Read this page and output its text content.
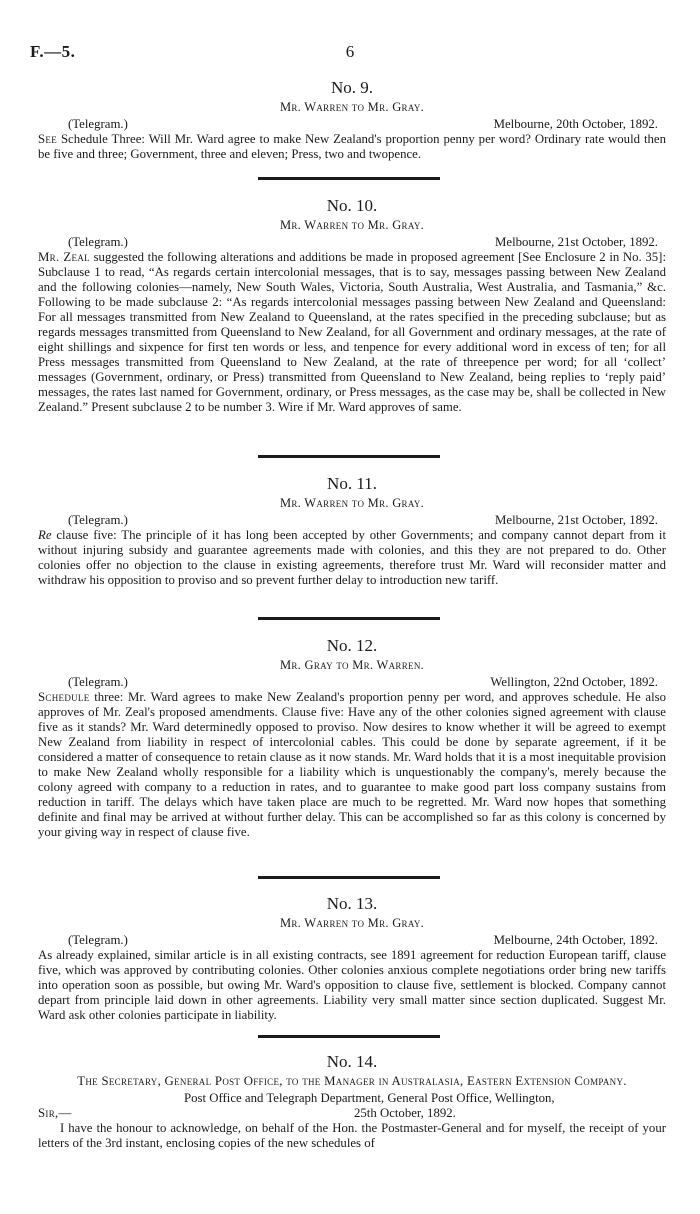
F.—5.	6

No. 9.

Mr. Warren to Mr. Gray.

(Telegram.)	Melbourne, 20th October, 1892.

See Schedule Three: Will Mr. Ward agree to make New Zealand's proportion penny per word? Ordinary rate would then be five and three; Government, three and eleven; Press, two and twopence.

No. 10.

Mr. Warren to Mr. Gray.

(Telegram.)	Melbourne, 21st October, 1892.

Mr. Zeal suggested the following alterations and additions be made in proposed agreement [See Enclosure 2 in No. 35]: Subclause 1 to read, “As regards certain intercolonial messages, that is to say, messages passing between New Zealand and the following colonies—namely, New South Wales, Victoria, South Australia, West Australia, and Tasmania,” &c. Following to be made subclause 2: “As regards intercolonial messages passing between New Zealand and Queensland: For all messages transmitted from New Zealand to Queensland, at the rates specified in the preceding subclause; but as regards messages transmitted from Queensland to New Zealand, for all Government and ordinary messages, at the rate of eight shillings and sixpence for first ten words or less, and tenpence for every additional word in excess of ten; for all Press messages transmitted from Queensland to New Zealand, at the rate of threepence per word; for all ‘collect’ messages (Government, ordinary, or Press) transmitted from Queensland to New Zealand, being replies to ‘reply paid’ messages, the rates last named for Government, ordinary, or Press messages, as the case may be, shall be collected in New Zealand.” Present subclause 2 to be number 3. Wire if Mr. Ward approves of same.

No. 11.

Mr. Warren to Mr. Gray.

(Telegram.)	Melbourne, 21st October, 1892.

Re clause five: The principle of it has long been accepted by other Governments; and company cannot depart from it without injuring subsidy and guarantee agreements made with colonies, and this they are not prepared to do. Other colonies offer no objection to the clause in existing agreements, therefore trust Mr. Ward will reconsider matter and withdraw his opposition to proviso and so prevent further delay to introduction new tariff.

No. 12.

Mr. Gray to Mr. Warren.

(Telegram.)	Wellington, 22nd October, 1892.

Schedule three: Mr. Ward agrees to make New Zealand's proportion penny per word, and approves schedule. He also approves of Mr. Zeal's proposed amendments. Clause five: Have any of the other colonies signed agreement with clause five as it stands? Mr. Ward determinedly opposed to proviso. Now desires to know whether it will be agreed to exempt New Zealand from liability in respect of intercolonial cables. This could be done by separate agreement, if it be considered a matter of consequence to retain clause as it now stands. Mr. Ward holds that it is a most inequitable provision to make New Zealand wholly responsible for a liability which is unquestionably the company's, merely because the colony agreed with company to a reduction in rates, and to guarantee to make good part loss company sustains from reduction in tariff. The delays which have taken place are much to be regretted. Mr. Ward now hopes that something definite and final may be arrived at without further delay. This can be accomplished so far as this colony is concerned by your giving way in respect of clause five.

No. 13.

Mr. Warren to Mr. Gray.

(Telegram.)	Melbourne, 24th October, 1892.

As already explained, similar article is in all existing contracts, see 1891 agreement for reduction European tariff, clause five, which was approved by contributing colonies. Other colonies anxious complete negotiations order bring new tariffs into operation soon as possible, but owing Mr. Ward's opposition to clause five, settlement is blocked. Company cannot depart from principle laid down in other agreements. Liability very small matter since section duplicated. Suggest Mr. Ward ask other colonies participate in liability.

No. 14.

The Secretary, General Post Office, to the Manager in Australasia, Eastern Extension Company.

Post Office and Telegraph Department, General Post Office, Wellington,
Sir,—	25th October, 1892.

I have the honour to acknowledge, on behalf of the Hon. the Postmaster-General and for myself, the receipt of your letters of the 3rd instant, enclosing copies of the new schedules of
